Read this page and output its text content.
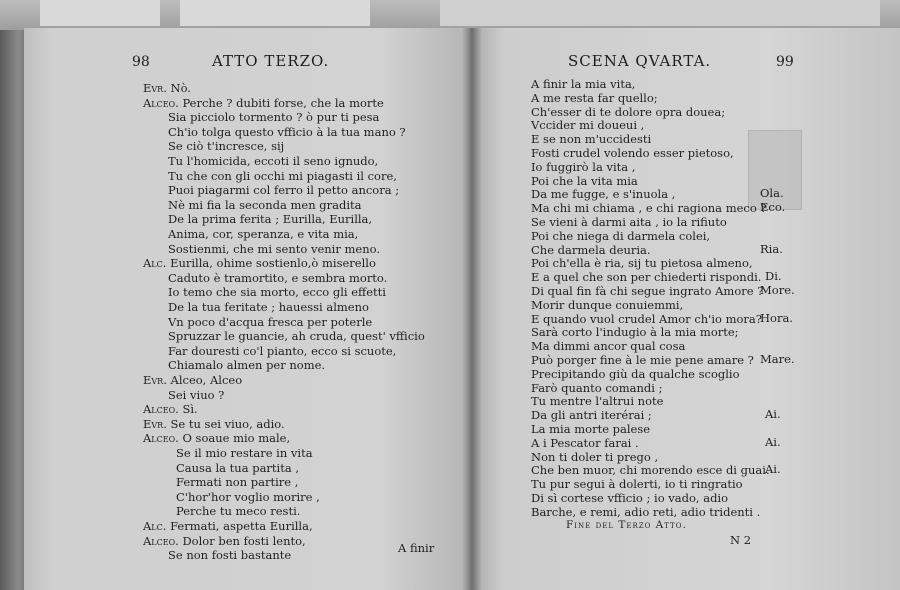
98	ATTO TERZO.
Evr. Nò.
Alceo. Perche ? dubiti forse, che la morte
Sia picciolo tormento ? ò pur ti pesa
Ch'io tolga questo vfficio à la tua mano ?
Se ciò t'incresce, sij
Tu l'homicida, eccoti il seno ignudo,
Tu che con gli occhi mi piagasti il core,
Puoi piagarmi col ferro il petto ancora ;
Nè mi fia la seconda men gradita
De la prima ferita ; Eurilla, Eurilla,
Anima, cor, speranza, e vita mia,
Sostienmi, che mi sento venir meno.
Alc. Eurilla, ohime sostienlo,ò miserello
Caduto è tramortito, e sembra morto.
Io temo che sia morto, ecco gli effetti
De la tua feritate ; hauessi almeno
Vn poco d'acqua fresca per poterle
Spruzzar le guancie, ah cruda, quest' vfficio
Far douresti co'l pianto, ecco si scuote,
Chiamalo almen per nome.
Evr. Alceo, Alceo
Sei viuo ?
Alceo. Sì.
Evr. Se tu sei viuo, adio.
Alceo. O soaue mio male,
Se il mio restare in vita
Causa la tua partita ,
Fermati non partire ,
C'hor'hor voglio morire ,
Perche tu meco resti.
Alc. Fermati, aspetta Eurilla,
Alceo. Dolor ben fosti lento,
Se non fosti bastante
A finir
SCENA QVARTA.	99
A finir la mia vita,
A me resta far quello;
Ch'esser di te dolore opra douea;
Vccider mi doueui ,
E se non m'uccidesti
Fosti crudel volendo esser pietoso,
Io fuggirò la vita ,
Poi che la vita mia
Da me fugge, e s'inuola ,
Ma chi mi chiama , e chi ragiona meco ?
Se vieni à darmi aita , io la rifiuto
Poi che niega di darmela colei,
Che darmela deuria.
Poi ch'ella è ria, sij tu pietosa almeno,
E a quel che son per chiederti rispondi.
Di qual fin fà chi segue ingrato Amore ?
Morir dunque conuiemmi,
E quando vuol crudel Amor ch'io mora?
Sarà corto l'indugio à la mia morte;
Ma dimmi ancor qual cosa
Può porger fine à le mie pene amare ?
Precipitando giù da qualche scoglio
Farò quanto comandi ;
Tu mentre l'altrui note
Da gli antri iterérai ;
La mia morte palese
A i Pescator farai .
Non ti doler ti prego ,
Che ben muor, chi morendo esce di guai.
Tu pur segui à dolerti, io ti ringratio
Di sì cortese vfficio ; io vado, adio
Barche, e remi, adio reti, adio tridenti .
Ola.
Eco.
Ria.
Di.
More.
Hora.
Mare.
Ai.
Ai.
Ai.
Fine del Terzo Atto.
N 2
